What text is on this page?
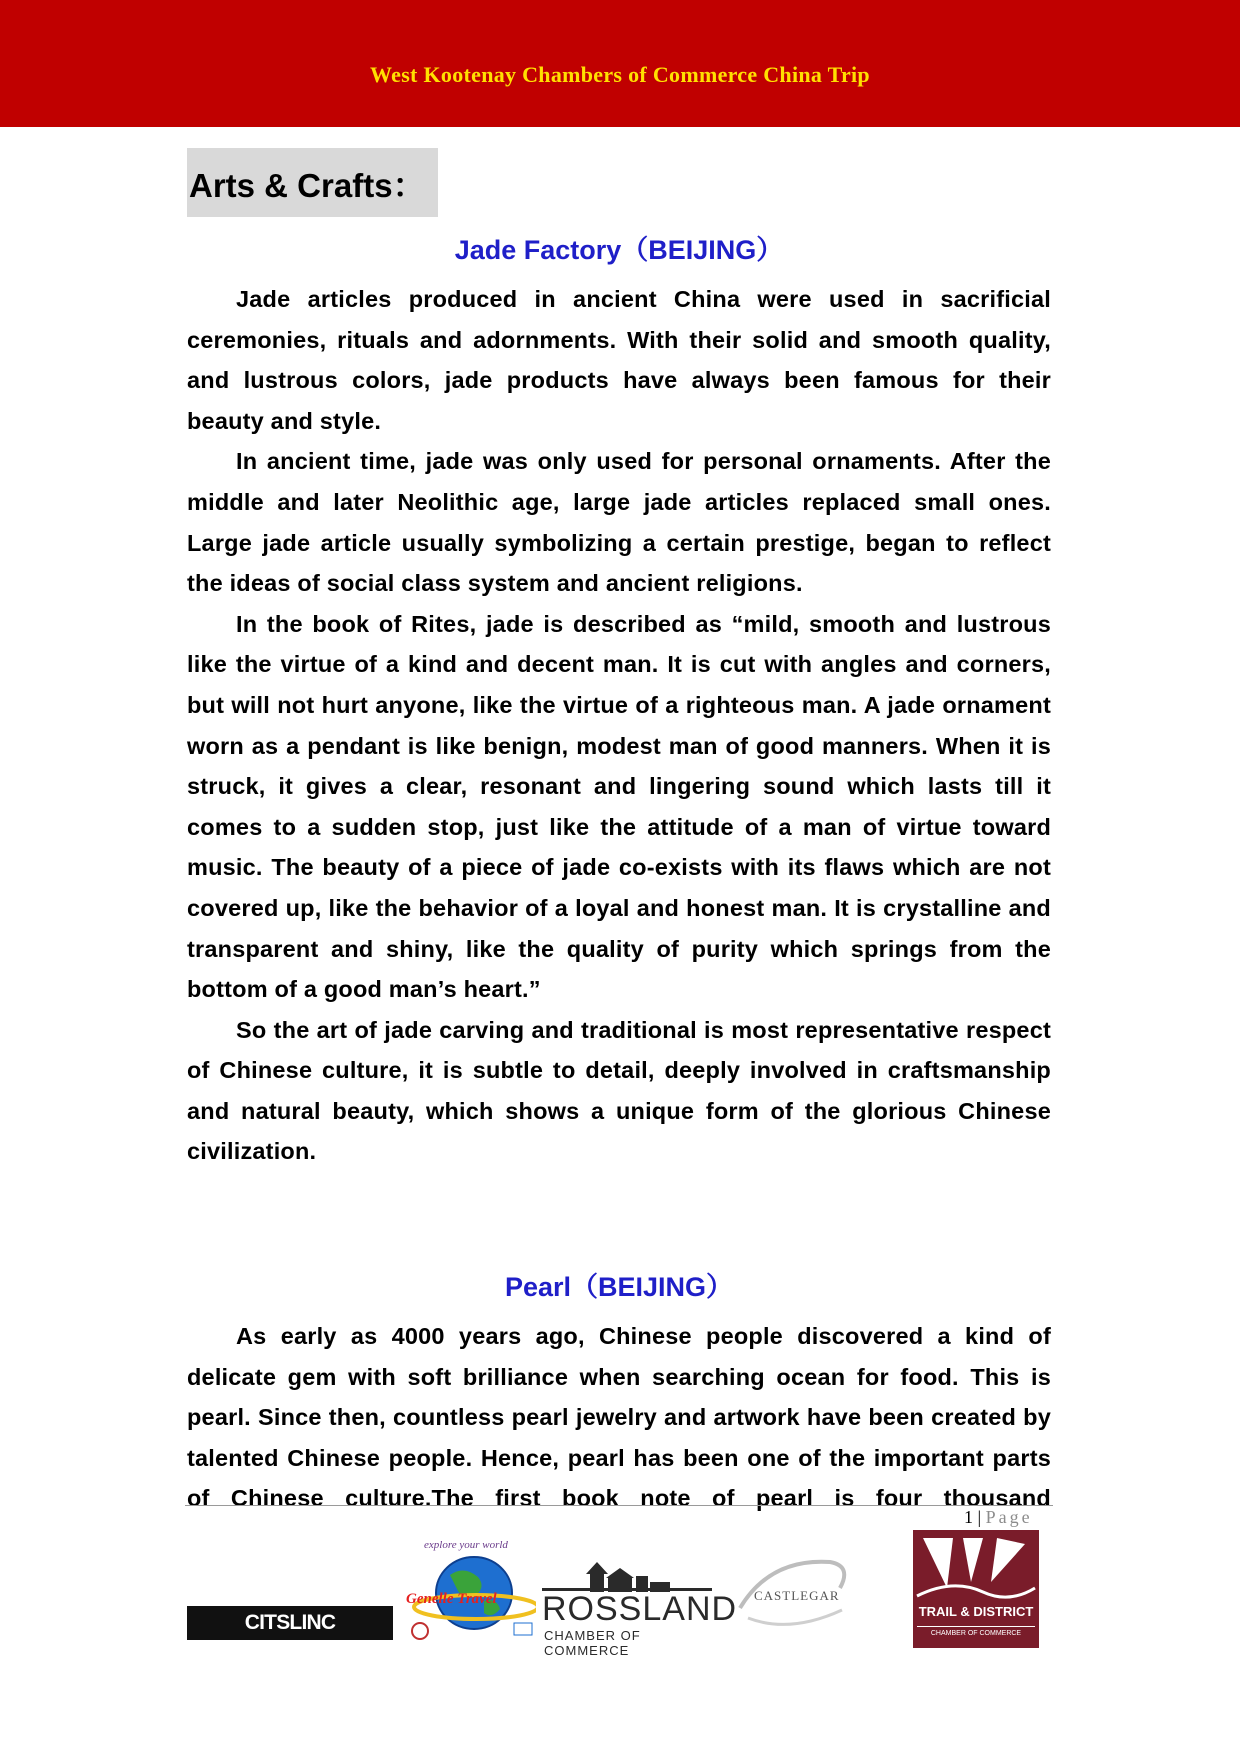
West Kootenay Chambers of Commerce China Trip
Arts & Crafts：
Jade Factory（BEIJING）

Jade articles produced in ancient China were used in sacrificial ceremonies, rituals and adornments. With their solid and smooth quality, and lustrous colors, jade products have always been famous for their beauty and style.

In ancient time, jade was only used for personal ornaments. After the middle and later Neolithic age, large jade articles replaced small ones. Large jade article usually symbolizing a certain prestige, began to reflect the ideas of social class system and ancient religions.

In the book of Rites, jade is described as “mild, smooth and lustrous like the virtue of a kind and decent man. It is cut with angles and corners, but will not hurt anyone, like the virtue of a righteous man. A jade ornament worn as a pendant is like benign, modest man of good manners. When it is struck, it gives a clear, resonant and lingering sound which lasts till it comes to a sudden stop, just like the attitude of a man of virtue toward music. The beauty of a piece of jade co-exists with its flaws which are not covered up, like the behavior of a loyal and honest man. It is crystalline and transparent and shiny, like the quality of purity which springs from the bottom of a good man’s heart.”

So the art of jade carving and traditional is most representative respect of Chinese culture, it is subtle to detail, deeply involved in craftsmanship and natural beauty, which shows a unique form of the glorious Chinese civilization.

Pearl（BEIJING）

As early as 4000 years ago, Chinese people discovered a kind of delicate gem with soft brilliance when searching ocean for food. This is pearl. Since then, countless pearl jewelry and artwork have been created by talented Chinese people. Hence, pearl has been one of the important parts of Chinese culture.The first book note of pearl is four thousand

1 | Page
CITSLINC INTERNATIONAL
explore your world
Genelle Travel ROSSLAND
CHAMBER OF COMMERCE
CASTLEGAR
TRAIL & DISTRICT
CHAMBER OF COMMERCE
